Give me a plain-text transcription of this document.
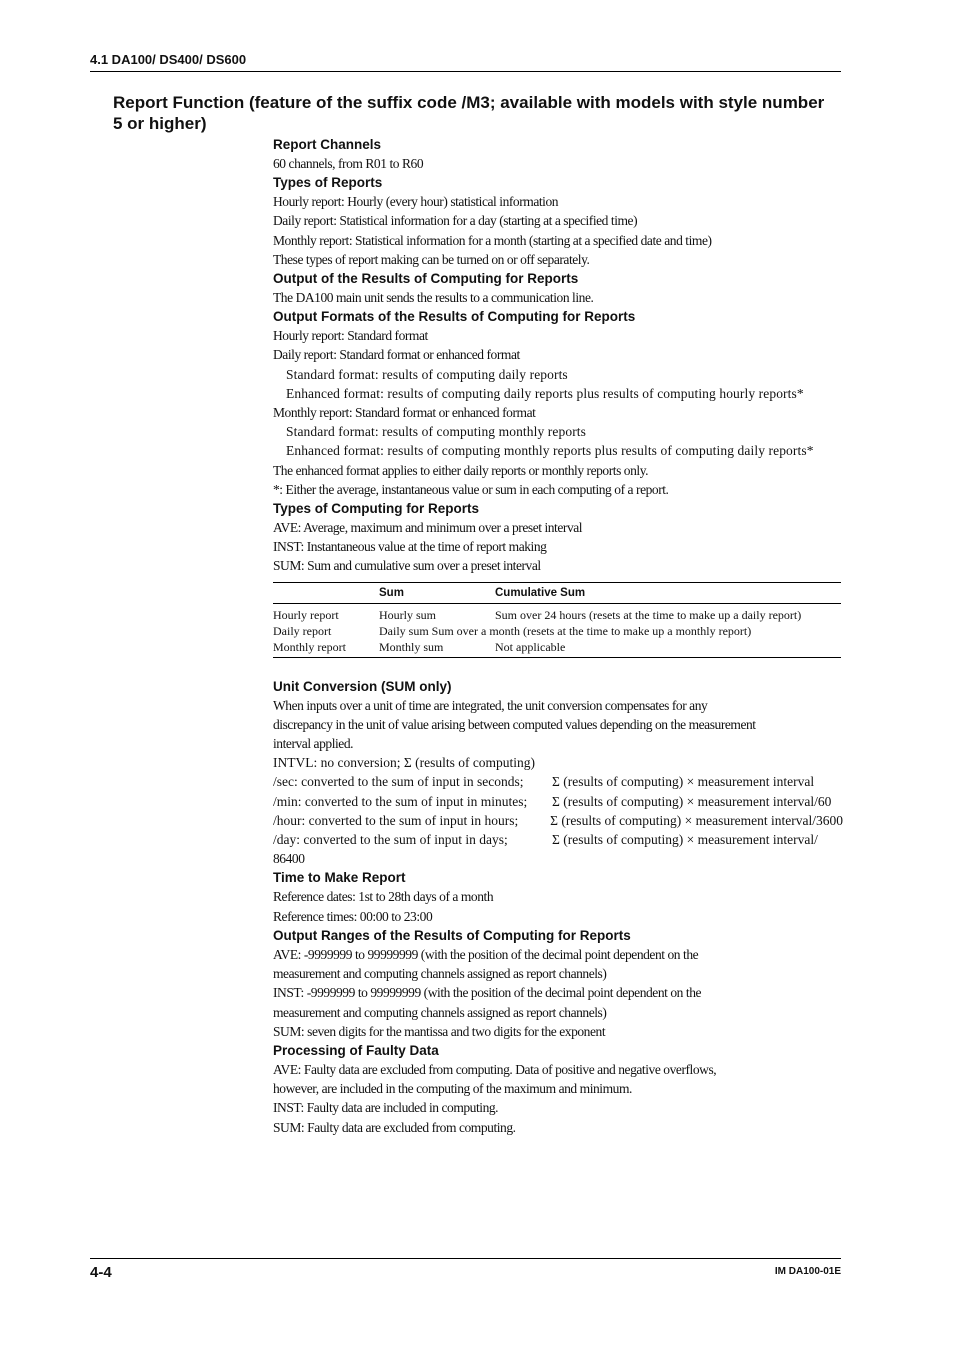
4.1 DA100/ DS400/ DS600
Report Function (feature of the suffix code /M3; available with models with style number 5 or higher)

Report Channels

60 channels, from R01 to R60

Types of Reports

Hourly report: Hourly (every hour) statistical information

Daily report: Statistical information for a day (starting at a specified time)

Monthly report: Statistical information for a month (starting at a specified date and time)

These types of report making can be turned on or off separately.

Output of the Results of Computing for Reports

The DA100 main unit sends the results to a communication line.

Output Formats of the Results of Computing for Reports

Hourly report: Standard format

Daily report: Standard format or enhanced format

Standard format: results of computing daily reports

Enhanced format: results of computing daily reports plus results of computing hourly reports*

Monthly report: Standard format or enhanced format

Standard format: results of computing monthly reports

Enhanced format: results of computing monthly reports plus results of computing daily reports*

The enhanced format applies to either daily reports or monthly reports only.

*: Either the average, instantaneous value or sum in each computing of a report.

Types of Computing for Reports

AVE: Average, maximum and minimum over a preset interval

INST: Instantaneous value at the time of report making

SUM: Sum and cumulative sum over a preset interval

	Sum	Cumulative Sum
Hourly report	Hourly sum	Sum over 24 hours (resets at the time to make up a daily report)
Daily report	Daily sum Sum over a month (resets at the time to make up a monthly report)	
Monthly report	Monthly sum	Not applicable

Unit Conversion (SUM only)

When inputs over a unit of time are integrated, the unit conversion compensates for any

discrepancy in the unit of value arising between computed values depending on the measurement

interval applied.

INTVL: no conversion; Σ (results of computing)

/sec: converted to the sum of input in seconds;	Σ (results of computing) × measurement interval
/min: converted to the sum of input in minutes;	Σ (results of computing) × measurement interval/60
/hour: converted to the sum of input in hours;	Σ (results of computing) × measurement interval/3600
/day: converted to the sum of input in days;	Σ (results of computing) × measurement interval/

86400

Time to Make Report

Reference dates: 1st to 28th days of a month

Reference times: 00:00 to 23:00

Output Ranges of the Results of Computing for Reports

AVE: -9999999 to 99999999 (with the position of the decimal point dependent on the

measurement and computing channels assigned as report channels)

INST: -9999999 to 99999999 (with the position of the decimal point dependent on the

measurement and computing channels assigned as report channels)

SUM: seven digits for the mantissa and two digits for the exponent

Processing of Faulty Data

AVE: Faulty data are excluded from computing. Data of positive and negative overflows,

however, are included in the computing of the maximum and minimum.

INST: Faulty data are included in computing.

SUM: Faulty data are excluded from computing.

4-4	IM DA100-01E
